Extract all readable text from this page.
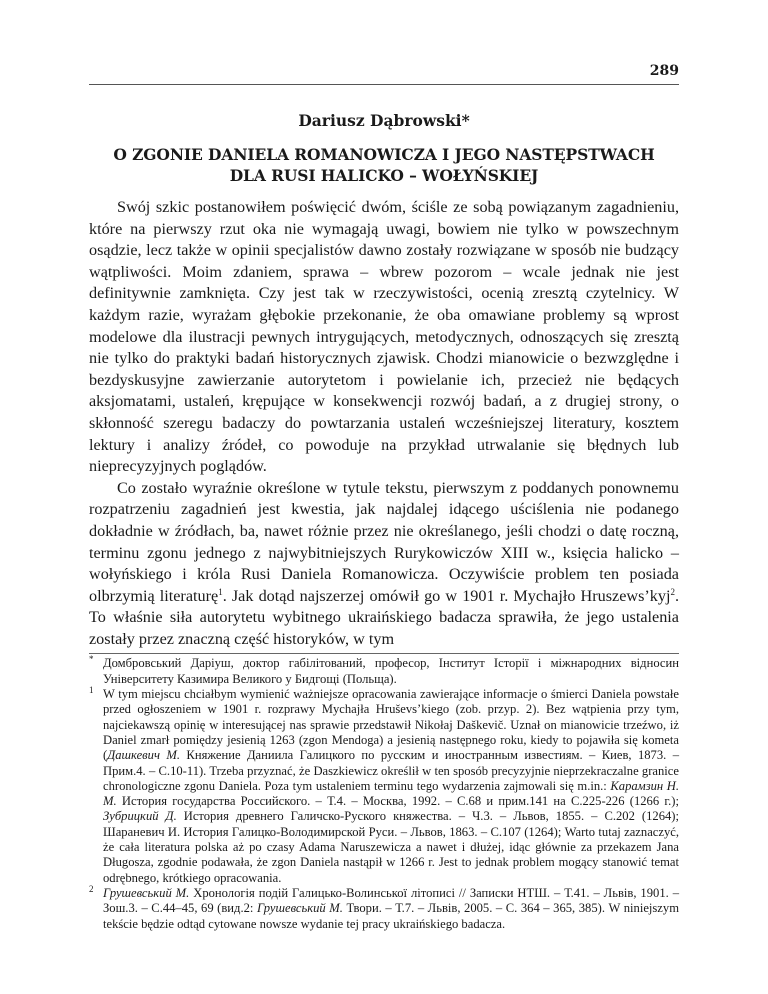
289
Dariusz Dąbrowski*
O ZGONIE DANIELA ROMANOWICZA I JEGO NASTĘPSTWACH
DLA RUSI HALICKO – WOŁYŃSKIEJ

Swój szkic postanowiłem poświęcić dwóm, ściśle ze sobą powiązanym zagadnieniu, które na pierwszy rzut oka nie wymagają uwagi, bowiem nie tylko w powszechnym osądzie, lecz także w opinii specjalistów dawno zostały rozwiązane w sposób nie budzący wątpliwości. Moim zdaniem, sprawa – wbrew pozorom – wcale jednak nie jest definitywnie zamknięta. Czy jest tak w rzeczywistości, ocenią zresztą czytelnicy. W każdym razie, wyrażam głębokie przekonanie, że oba omawiane problemy są wprost modelowe dla ilustracji pewnych intrygujących, metodycznych, odnoszących się zresztą nie tylko do praktyki badań historycznych zjawisk. Chodzi mianowicie o bezwzględne i bezdyskusyjne zawierzanie autorytetom i powielanie ich, przecież nie będących aksjomatami, ustaleń, krępujące w konsekwencji rozwój badań, a z drugiej strony, o skłonność szeregu badaczy do powtarzania ustaleń wcześniejszej literatury, kosztem lektury i analizy źródeł, co powoduje na przykład utrwalanie się błędnych lub nieprecyzyjnych poglądów.

Co zostało wyraźnie określone w tytule tekstu, pierwszym z poddanych ponownemu rozpatrzeniu zagadnień jest kwestia, jak najdalej idącego uściślenia nie podanego dokładnie w źródłach, ba, nawet różnie przez nie określanego, jeśli chodzi o datę roczną, terminu zgonu jednego z najwybitniejszych Rurykowiczów XIII w., księcia halicko – wołyńskiego i króla Rusi Daniela Romanowicza. Oczywiście problem ten posiada olbrzymią literaturę$^1$. Jak dotąd najszerzej omówił go w 1901 r. Mychajło Hruszews’kyj$^2$. To właśnie siła autorytetu wybitnego ukraińskiego badacza sprawiła, że jego ustalenia zostały przez znaczną część historyków, w tym

* Домбровський Даріуш, доктор габілітований, професор, Інститут Історії і міжнародних відносин Університету Казимира Великого у Бидгощі (Польща).
1 W tym miejscu chciałbym wymienić ważniejsze opracowania zawierające informacje o śmierci Daniela powstałe przed ogłoszeniem w 1901 r. rozprawy Mychajła Hruševs’kiego (zob. przyp. 2). Bez wątpienia przy tym, najciekawszą opinię w interesującej nas sprawie przedstawił Nikołaj Daškevič. Uznał on mianowicie trzeźwo, iż Daniel zmarł pomiędzy jesienią 1263 (zgon Mendoga) a jesienią następnego roku, kiedy to pojawiła się kometa (Дашкевич М. Княжение Даниила Галицкого по русским и иностранным известиям. – Киев, 1873. – Прим.4. – С.10-11). Trzeba przyznać, że Daszkiewicz określił w ten sposób precyzyjnie nieprzekraczalne granice chronologiczne zgonu Daniela. Poza tym ustaleniem terminu tego wydarzenia zajmowali się m.in.: Карамзин Н. М. История государства Российского. – Т.4. – Москва, 1992. – С.68 и прим.141 на С.225-226 (1266 г.); Зубрицкий Д. История древнего Галичско-Руского княжества. – Ч.3. – Львов, 1855. – С.202 (1264); Шараневич И. История Галицко-Володимирской Руси. – Львов, 1863. – С.107 (1264); Warto tutaj zaznaczyć, że cała literatura polska aż po czasy Adama Naruszewicza a nawet i dłużej, idąc głównie za przekazem Jana Długosza, zgodnie podawała, że zgon Daniela nastąpił w 1266 r. Jest to jednak problem mogący stanowić temat odrębnego, krótkiego opracowania.
2 Грушевський М. Хронологія подій Галицько-Волинської літописі // Записки НТШ. – Т.41. – Львів, 1901. – Зош.3. – С.44–45, 69 (вид.2: Грушевський М. Твори. – Т.7. – Львів, 2005. – С. 364 – 365, 385). W niniejszym tekście będzie odtąd cytowane nowsze wydanie tej pracy ukraińskiego badacza.
